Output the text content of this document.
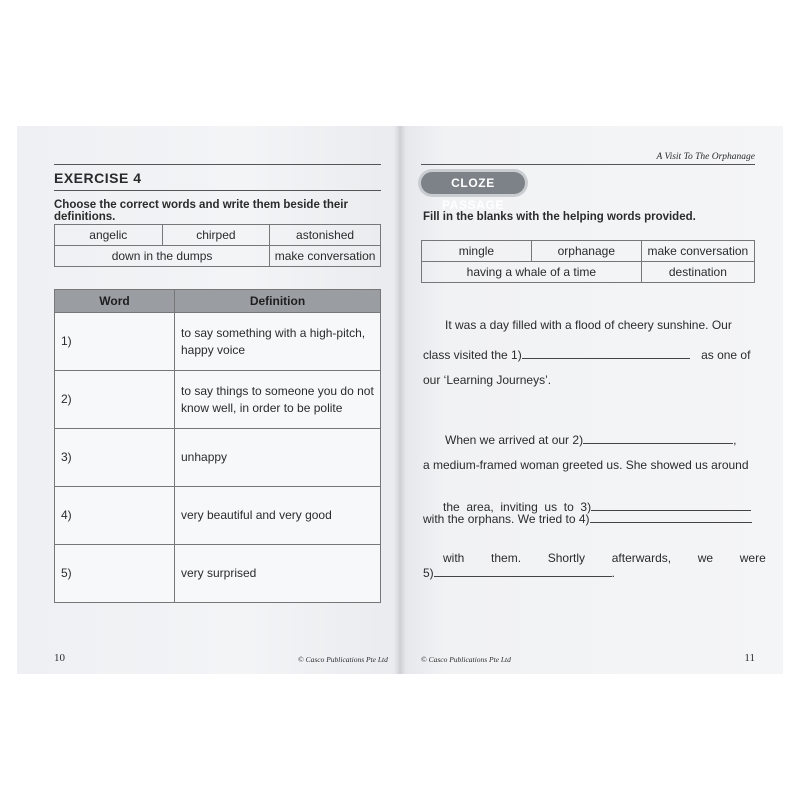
EXERCISE 4
Choose the correct words and write them beside their definitions.
angelic	chirped	astonished
down in the dumps	make conversation
Word	Definition
1)	to say something with a high-pitch, happy voice
2)	to say things to someone you do not know well, in order to be polite
3)	unhappy
4)	very beautiful and very good
5)	very surprised
10	© Casco Publications Pte Ltd
A Visit To The Orphanage
CLOZE PASSAGE
Fill in the blanks with the helping words provided.
mingle	orphanage	make conversation
having a whale of a time	destination
It was a day filled with a flood of cheery sunshine. Our
class visited the 1)	as one of
our ‘Learning Journeys’.
When we arrived at our 2)	,
a medium-framed woman greeted us. She showed us around

the  area,  inviting  us  to  3)

with the orphans. We tried to 4)

with        them.        Shortly        afterwards,        we        were

5)	.
© Casco Publications Pte Ltd	11
